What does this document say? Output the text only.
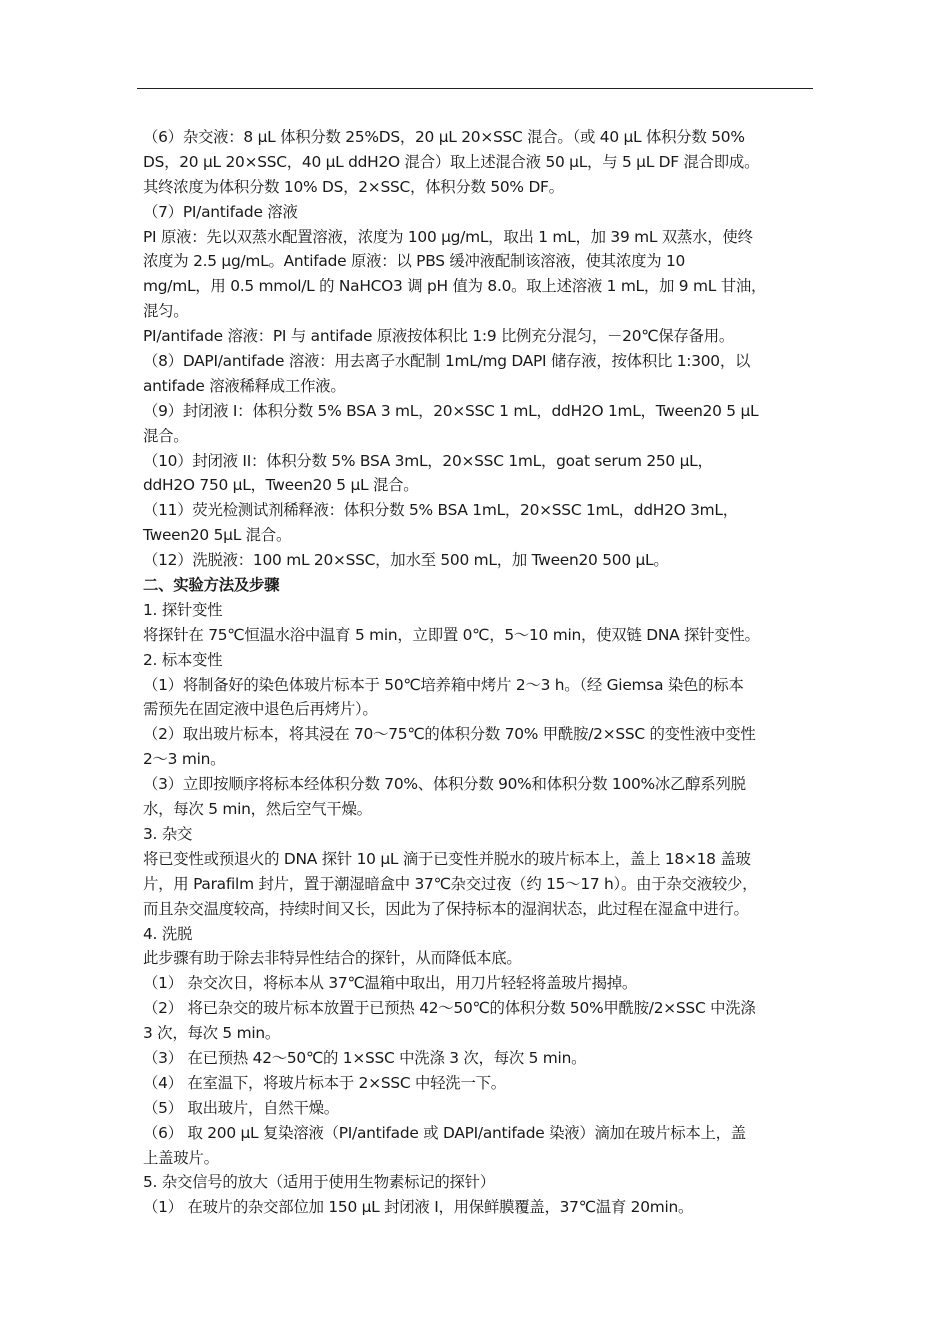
（6）杂交液：8 μL 体积分数 25%DS，20 μL 20×SSC 混合。（或 40 μL 体积分数 50%
DS，20 μL 20×SSC，40 μL ddH2O 混合）取上述混合液 50 μL，与 5 μL DF 混合即成。
其终浓度为体积分数 10% DS，2×SSC，体积分数 50% DF。
（7）PI/antifade 溶液
PI 原液：先以双蒸水配置溶液，浓度为 100 μg/mL，取出 1 mL，加 39 mL 双蒸水，使终
浓度为 2.5 μg/mL。Antifade 原液：以 PBS 缓冲液配制该溶液，使其浓度为 10
mg/mL，用 0.5 mmol/L 的 NaHCO3 调 pH 值为 8.0。取上述溶液 1 mL，加 9 mL 甘油，
混匀。
PI/antifade 溶液：PI 与 antifade 原液按体积比 1:9 比例充分混匀，－20℃保存备用。
（8）DAPI/antifade 溶液：用去离子水配制 1mL/mg DAPI 储存液，按体积比 1:300，以
antifade 溶液稀释成工作液。
（9）封闭液 I：体积分数 5% BSA 3 mL，20×SSC 1 mL，ddH2O 1mL，Tween20 5 μL
混合。
（10）封闭液 II：体积分数 5% BSA 3mL，20×SSC 1mL，goat serum 250 μL，
ddH2O 750 μL，Tween20 5 μL 混合。
（11）荧光检测试剂稀释液：体积分数 5% BSA 1mL，20×SSC 1mL，ddH2O 3mL，
Tween20 5μL 混合。
（12）洗脱液：100 mL 20×SSC，加水至 500 mL，加 Tween20 500 μL。
二、实验方法及步骤
1. 探针变性
将探针在 75℃恒温水浴中温育 5 min，立即置 0℃，5～10 min，使双链 DNA 探针变性。
2. 标本变性
（1）将制备好的染色体玻片标本于 50℃培养箱中烤片 2～3 h。（经 Giemsa 染色的标本
需预先在固定液中退色后再烤片）。
（2）取出玻片标本，将其浸在 70～75℃的体积分数 70% 甲酰胺/2×SSC 的变性液中变性
2～3 min。
（3）立即按顺序将标本经体积分数 70%、体积分数 90%和体积分数 100%冰乙醇系列脱
水，每次 5 min，然后空气干燥。
3. 杂交
将已变性或预退火的 DNA 探针 10 μL 滴于已变性并脱水的玻片标本上，盖上 18×18 盖玻
片，用 Parafilm 封片，置于潮湿暗盒中 37℃杂交过夜（约 15～17 h）。由于杂交液较少，
而且杂交温度较高，持续时间又长，因此为了保持标本的湿润状态，此过程在湿盒中进行。
4. 洗脱
此步骤有助于除去非特异性结合的探针，从而降低本底。
（1） 杂交次日，将标本从 37℃温箱中取出，用刀片轻轻将盖玻片揭掉。
（2） 将已杂交的玻片标本放置于已预热 42～50℃的体积分数 50%甲酰胺/2×SSC 中洗涤
3 次，每次 5 min。
（3） 在已预热 42～50℃的 1×SSC 中洗涤 3 次，每次 5 min。
（4） 在室温下，将玻片标本于 2×SSC 中轻洗一下。
（5） 取出玻片，自然干燥。
（6） 取 200 μL 复染溶液（PI/antifade 或 DAPI/antifade 染液）滴加在玻片标本上，盖
上盖玻片。
5. 杂交信号的放大（适用于使用生物素标记的探针）
（1） 在玻片的杂交部位加 150 μL 封闭液 I，用保鲜膜覆盖，37℃温育 20min。
